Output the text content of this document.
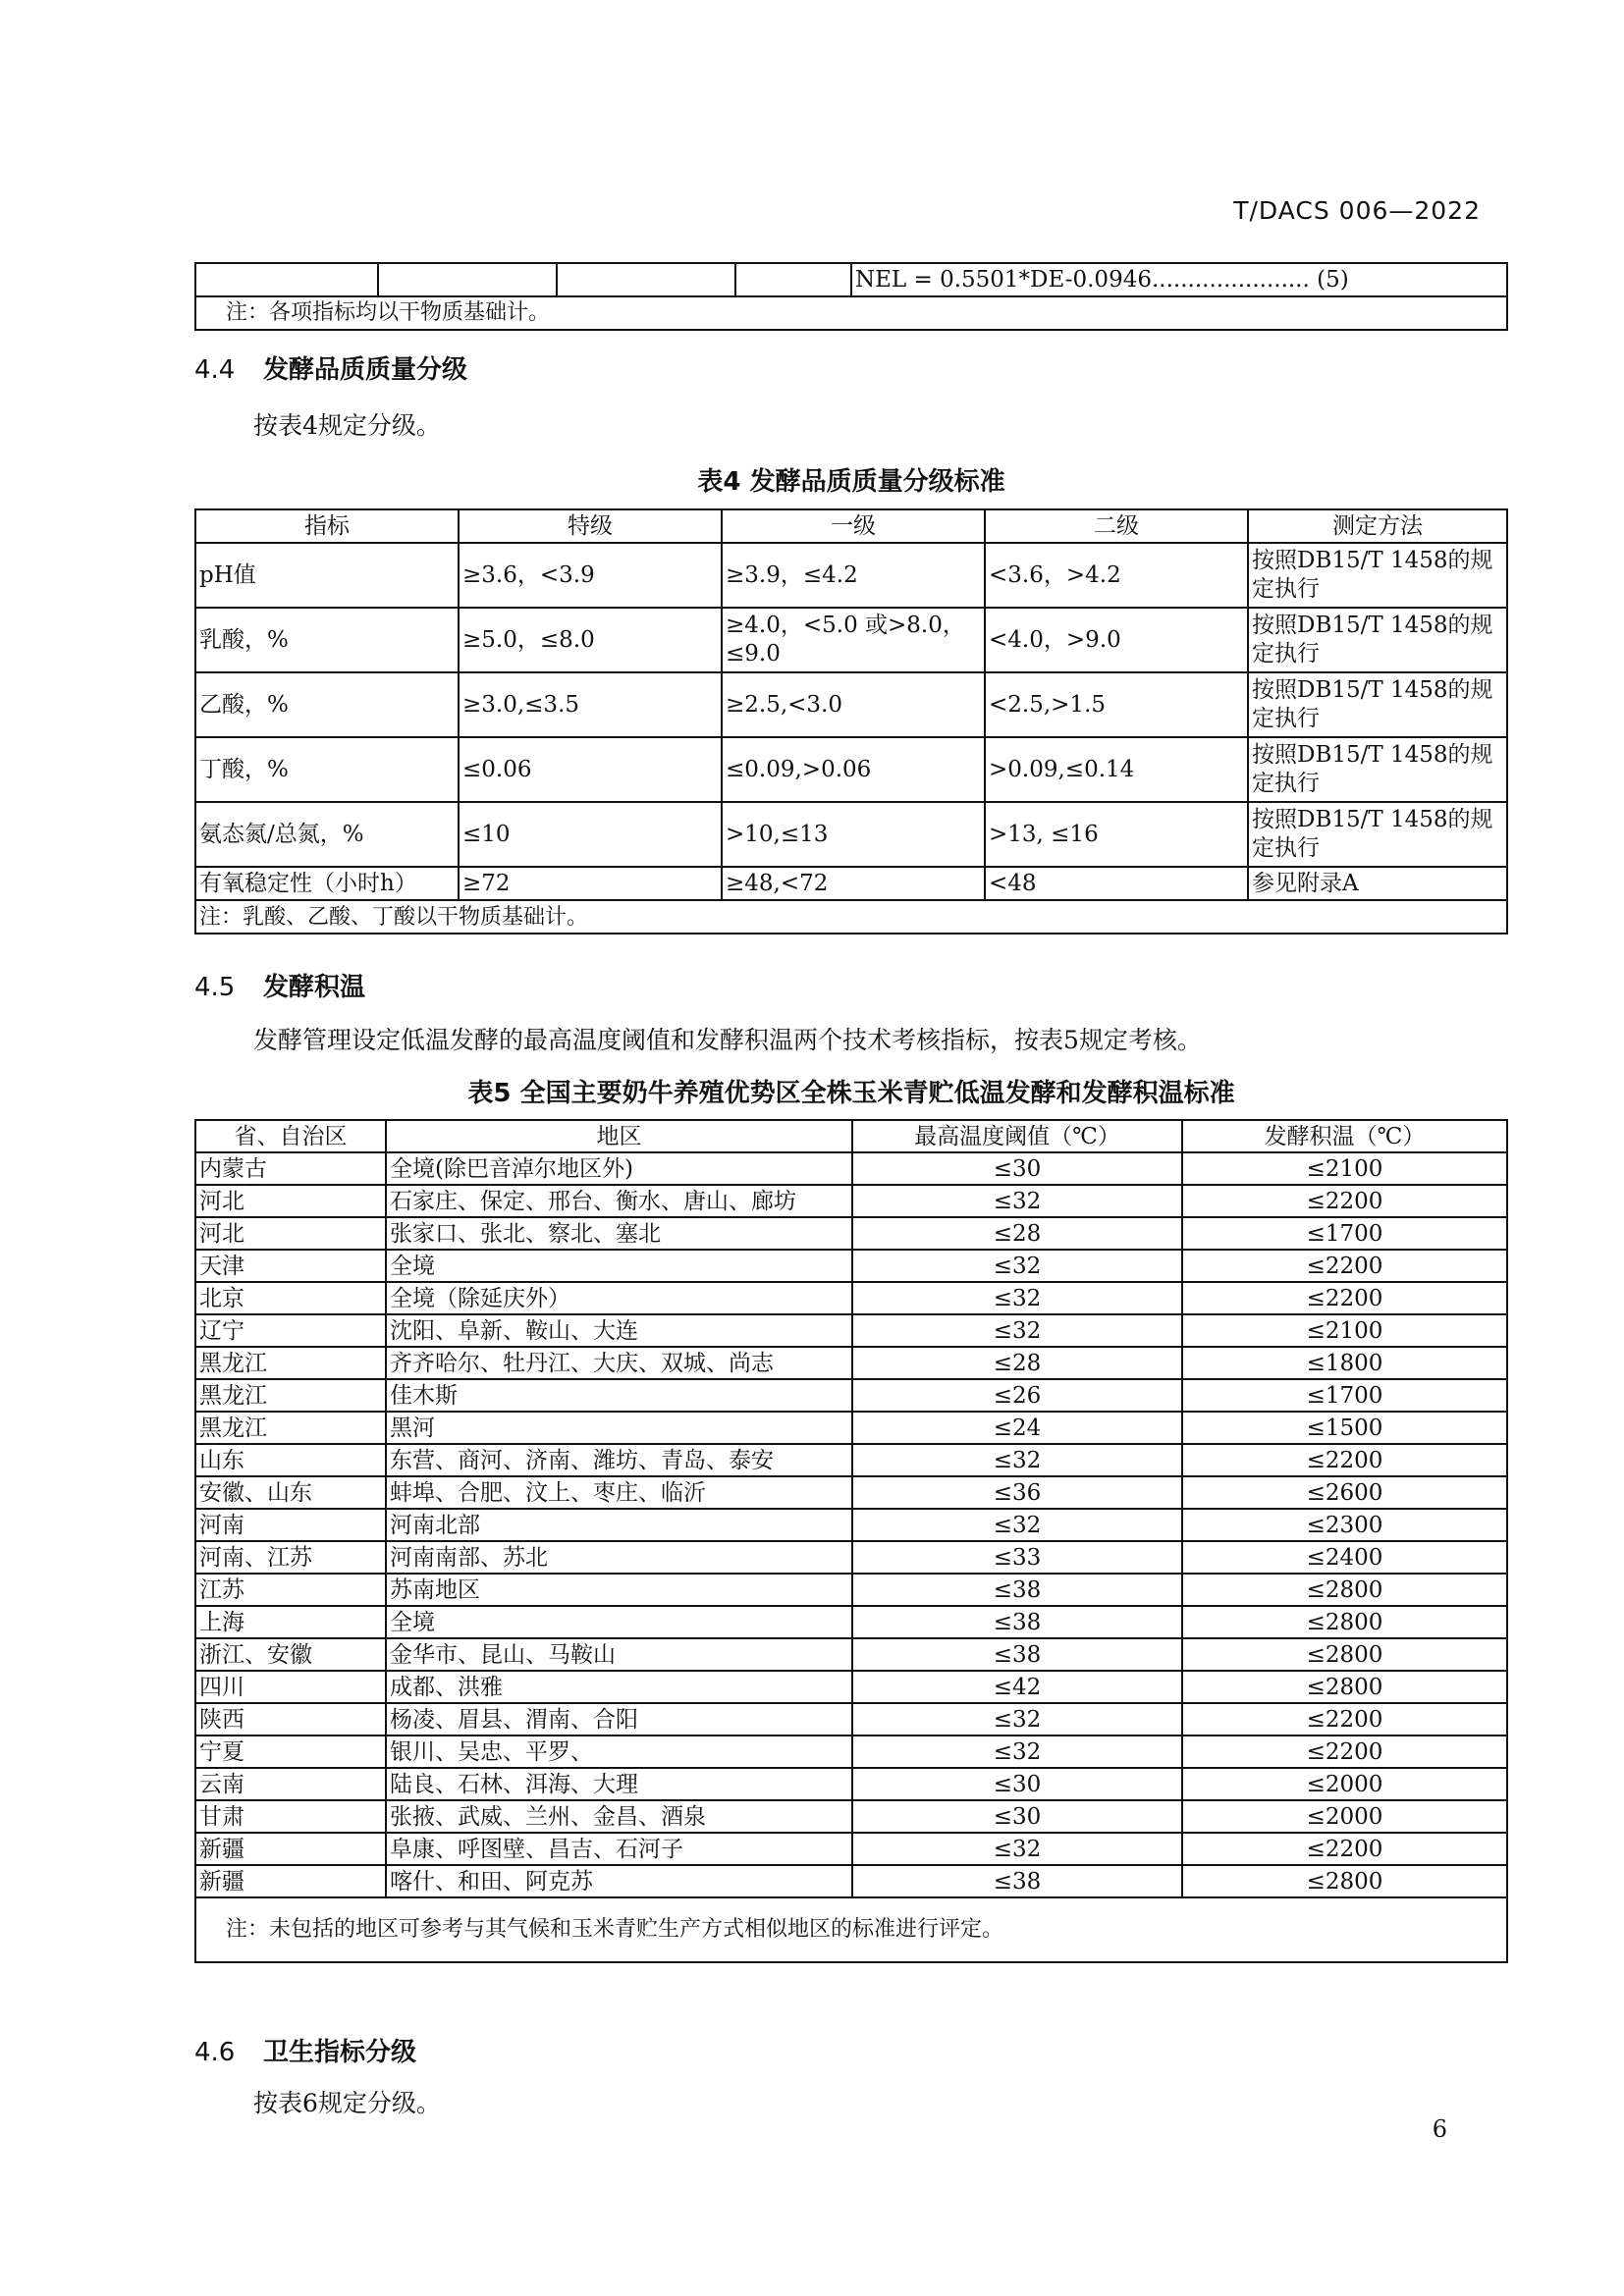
T/DACS 006—2022
				NEL = 0.5501*DE-0.0946...................... (5)
注：各项指标均以干物质基础计。
4.4 发酵品质质量分级
按表4规定分级。
表4 发酵品质质量分级标准
指标	特级	一级	二级	测定方法
pH值	≥3.6，<3.9	≥3.9，≤4.2	<3.6，>4.2	按照DB15/T 1458的规定执行
乳酸，%	≥5.0，≤8.0	≥4.0，<5.0 或>8.0，≤9.0	<4.0，>9.0	按照DB15/T 1458的规定执行
乙酸，%	≥3.0,≤3.5	≥2.5,<3.0	<2.5,>1.5	按照DB15/T 1458的规定执行
丁酸，%	≤0.06	≤0.09,>0.06	>0.09,≤0.14	按照DB15/T 1458的规定执行
氨态氮/总氮，%	≤10	>10,≤13	>13, ≤16	按照DB15/T 1458的规定执行
有氧稳定性（小时h）	≥72	≥48,<72	<48	参见附录A
注：乳酸、乙酸、丁酸以干物质基础计。				
4.5 发酵积温
发酵管理设定低温发酵的最高温度阈值和发酵积温两个技术考核指标，按表5规定考核。
表5 全国主要奶牛养殖优势区全株玉米青贮低温发酵和发酵积温标准
省、自治区	地区	最高温度阈值（℃）	发酵积温（℃）
内蒙古	全境(除巴音淖尔地区外)	≤30	≤2100
河北	石家庄、保定、邢台、衡水、唐山、廊坊	≤32	≤2200
河北	张家口、张北、察北、塞北	≤28	≤1700
天津	全境	≤32	≤2200
北京	全境（除延庆外）	≤32	≤2200
辽宁	沈阳、阜新、鞍山、大连	≤32	≤2100
黑龙江	齐齐哈尔、牡丹江、大庆、双城、尚志	≤28	≤1800
黑龙江	佳木斯	≤26	≤1700
黑龙江	黑河	≤24	≤1500
山东	东营、商河、济南、潍坊、青岛、泰安	≤32	≤2200
安徽、山东	蚌埠、合肥、汶上、枣庄、临沂	≤36	≤2600
河南	河南北部	≤32	≤2300
河南、江苏	河南南部、苏北	≤33	≤2400
江苏	苏南地区	≤38	≤2800
上海	全境	≤38	≤2800
浙江、安徽	金华市、昆山、马鞍山	≤38	≤2800
四川	成都、洪雅	≤42	≤2800
陕西	杨凌、眉县、渭南、合阳	≤32	≤2200
宁夏	银川、吴忠、平罗、	≤32	≤2200
云南	陆良、石林、洱海、大理	≤30	≤2000
甘肃	张掖、武威、兰州、金昌、酒泉	≤30	≤2000
新疆	阜康、呼图壁、昌吉、石河子	≤32	≤2200
新疆	喀什、和田、阿克苏	≤38	≤2800
注：未包括的地区可参考与其气候和玉米青贮生产方式相似地区的标准进行评定。			
4.6 卫生指标分级
按表6规定分级。
6
